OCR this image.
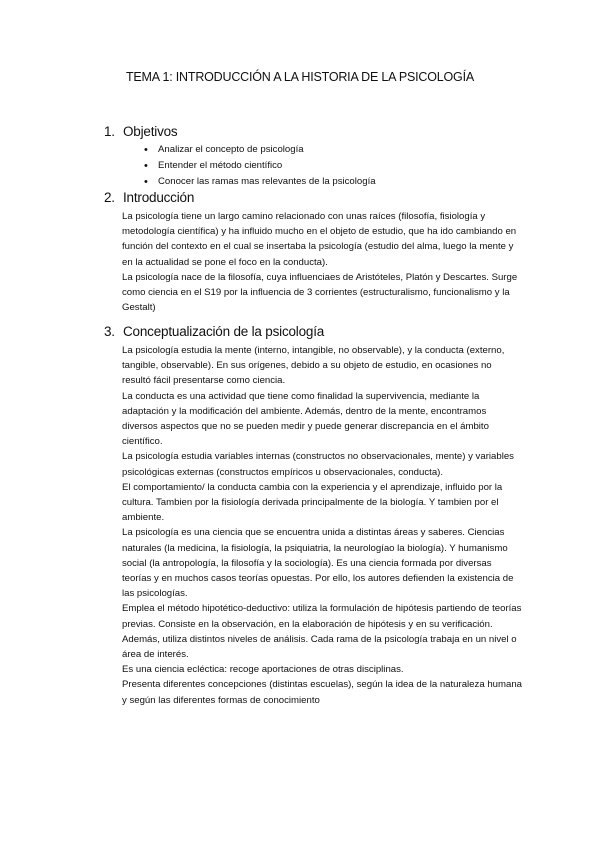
TEMA 1: INTRODUCCIÓN A LA HISTORIA DE LA PSICOLOGÍA
1. Objetivos
• Analizar el concepto de psicología
• Entender el método científico
• Conocer las ramas mas relevantes de la psicología
2. Introducción

La psicología tiene un largo camino relacionado con unas raíces (filosofía, fisiología y metodología científica) y ha influido mucho en el objeto de estudio, que ha ido cambiando en función del contexto en el cual se insertaba la psicología (estudio del alma, luego la mente y en la actualidad se pone el foco en la conducta).

La psicología nace de la filosofía, cuya influenciaes de Aristóteles, Platón y Descartes. Surge como ciencia en el S19 por la influencia de 3 corrientes (estructuralismo, funcionalismo y la Gestalt)

3. Conceptualización de la psicología

La psicología estudia la mente (interno, intangible, no observable), y la conducta (externo, tangible, observable). En sus orígenes, debido a su objeto de estudio, en ocasiones no resultó fácil presentarse como ciencia.

La conducta es una actividad que tiene como finalidad la supervivencia, mediante la adaptación y la modificación del ambiente. Además, dentro de la mente, encontramos diversos aspectos que no se pueden medir y puede generar discrepancia en el ámbito científico.

La psicología estudia variables internas (constructos no observacionales, mente) y variables psicológicas externas (constructos empíricos u observacionales, conducta).

El comportamiento/ la conducta cambia con la experiencia y el aprendizaje, influido por la cultura. Tambien por la fisiología derivada principalmente de la biología. Y tambien por el ambiente.

La psicología es una ciencia que se encuentra unida a distintas áreas y saberes. Ciencias naturales (la medicina, la fisiología, la psiquiatria, la neurologíao la biología). Y humanismo social (la antropología, la filosofía y la sociología). Es una ciencia formada por diversas teorías y en muchos casos teorías opuestas. Por ello, los autores defienden la existencia de las psicologías.

Emplea el método hipotético-deductivo: utiliza la formulación de hipótesis partiendo de teorías previas. Consiste en la observación, en la elaboración de hipótesis y en su verificación.

Además, utiliza distintos niveles de análisis. Cada rama de la psicología trabaja en un nivel o área de interés.

Es una ciencia ecléctica: recoge aportaciones de otras disciplinas.

Presenta diferentes concepciones (distintas escuelas), según la idea de la naturaleza humana y según las diferentes formas de conocimiento
